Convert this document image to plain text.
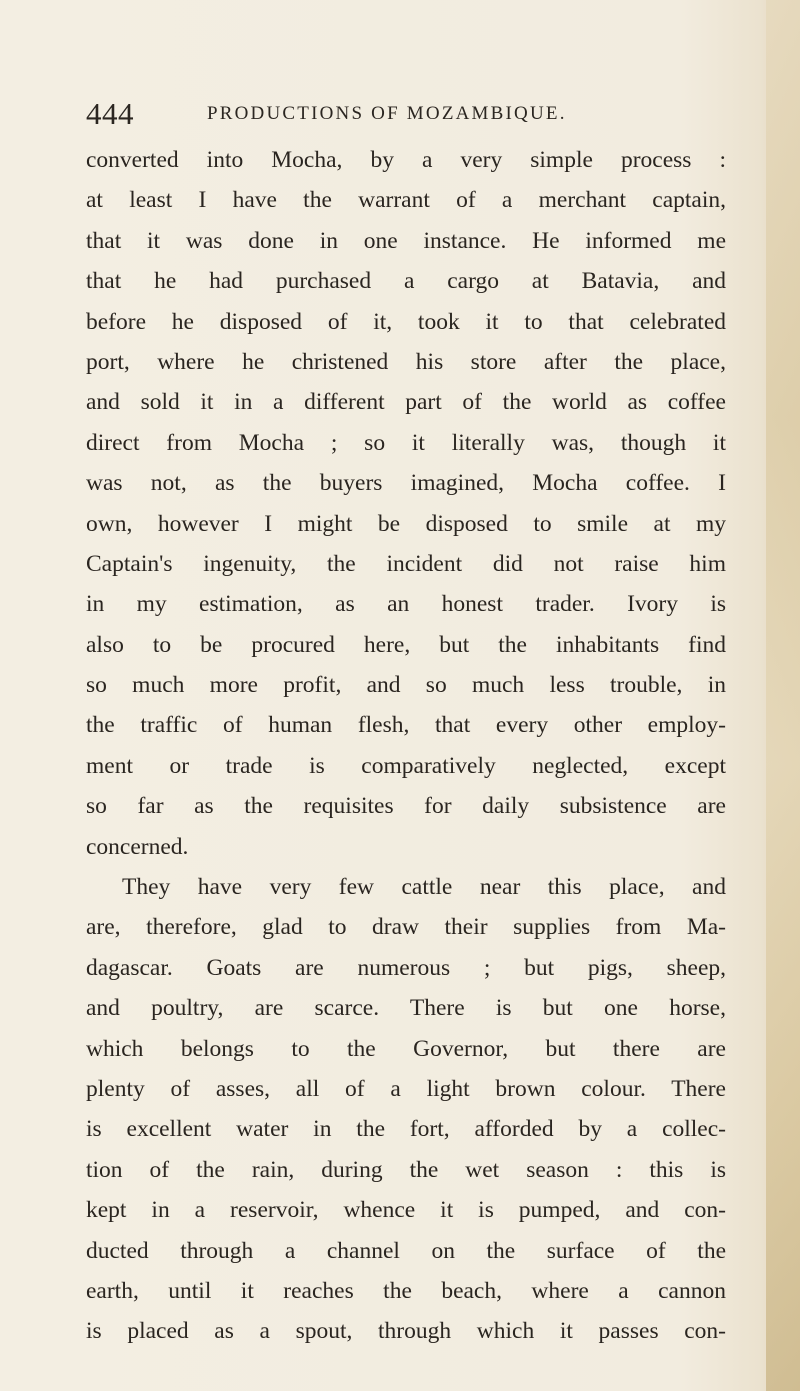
444	PRODUCTIONS OF MOZAMBIQUE.
converted into Mocha, by a very simple process :
at least I have the warrant of a merchant captain,
that it was done in one instance. He informed me
that he had purchased a cargo at Batavia, and
before he disposed of it, took it to that celebrated
port, where he christened his store after the place,
and sold it in a different part of the world as coffee
direct from Mocha ; so it literally was, though it
was not, as the buyers imagined, Mocha coffee. I
own, however I might be disposed to smile at my
Captain's ingenuity, the incident did not raise him
in my estimation, as an honest trader. Ivory is
also to be procured here, but the inhabitants find
so much more profit, and so much less trouble, in
the traffic of human flesh, that every other employ-
ment or trade is comparatively neglected, except
so far as the requisites for daily subsistence are
concerned.
They have very few cattle near this place, and
are, therefore, glad to draw their supplies from Ma-
dagascar. Goats are numerous ; but pigs, sheep,
and poultry, are scarce. There is but one horse,
which belongs to the Governor, but there are
plenty of asses, all of a light brown colour. There
is excellent water in the fort, afforded by a collec-
tion of the rain, during the wet season : this is
kept in a reservoir, whence it is pumped, and con-
ducted through a channel on the surface of the
earth, until it reaches the beach, where a cannon
is placed as a spout, through which it passes con-
